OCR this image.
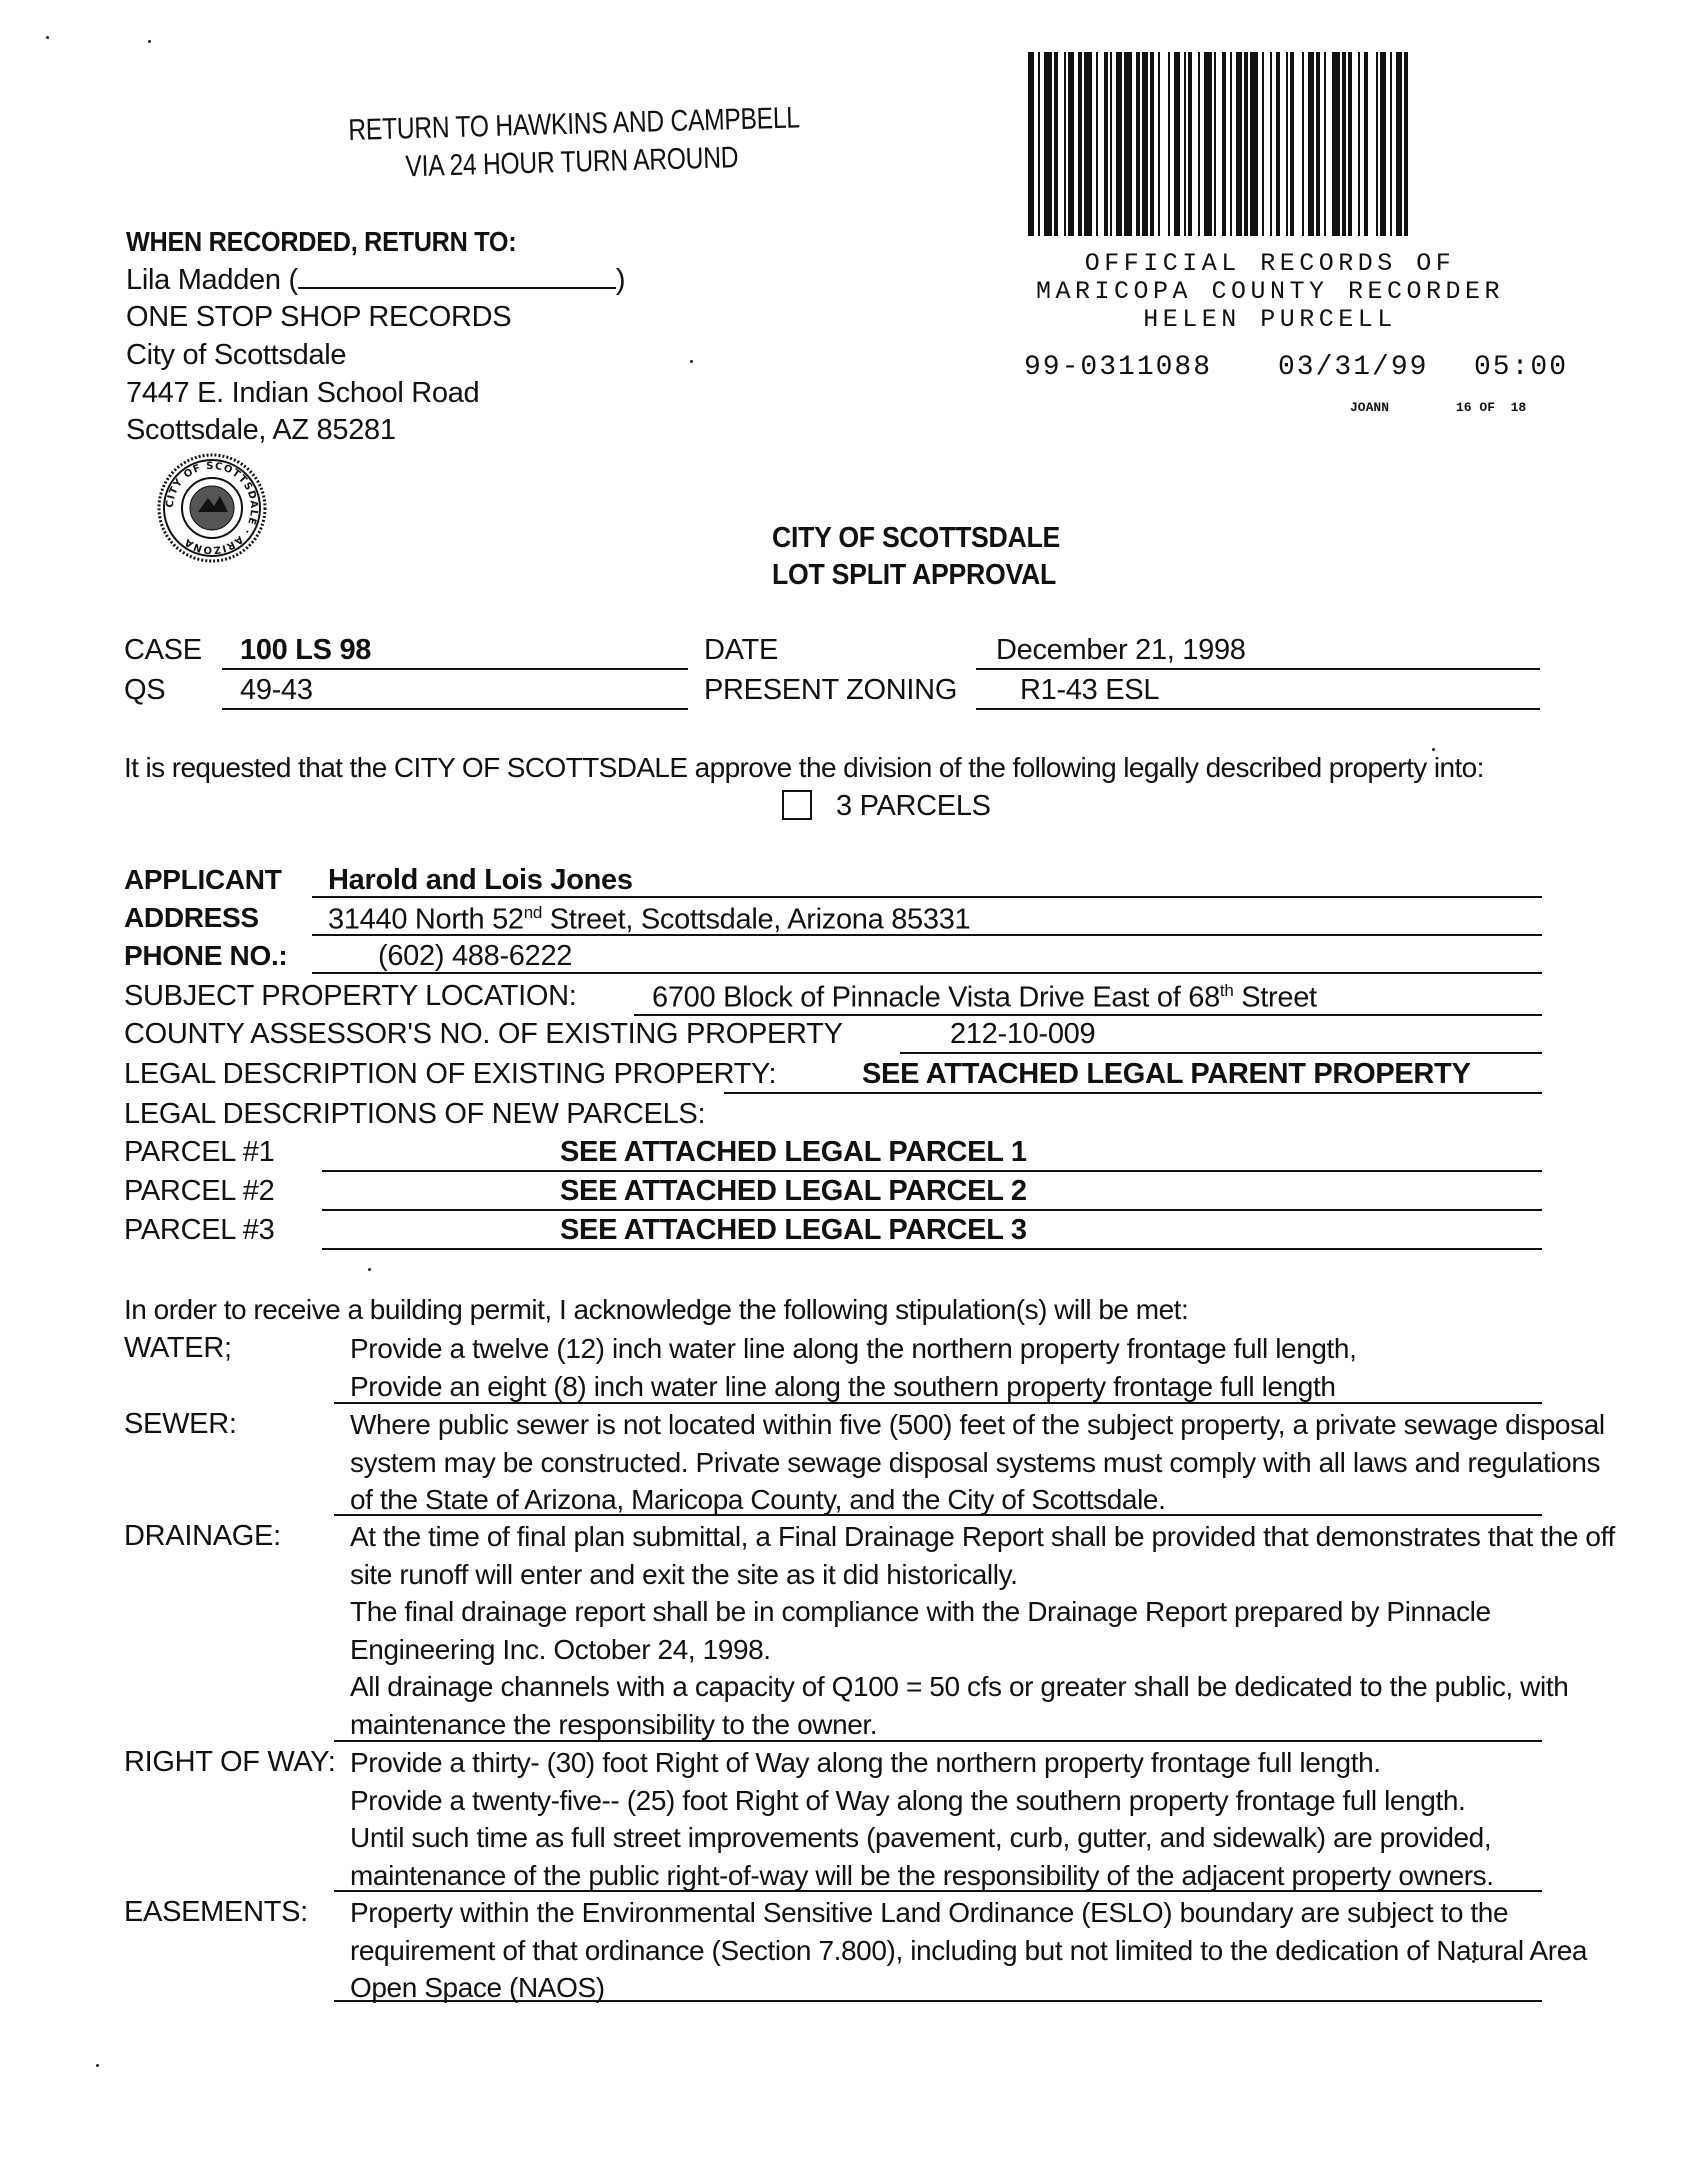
RETURN TO HAWKINS AND CAMPBELL
VIA 24 HOUR TURN AROUND
WHEN RECORDED, RETURN TO:
Lila Madden (	)
ONE STOP SHOP RECORDS
City of Scottsdale
7447 E. Indian School Road
Scottsdale, AZ 85281
CITY OF SCOTTSDALE · ARIZONA
OFFICIAL RECORDS OF
MARICOPA COUNTY RECORDER
HELEN PURCELL
99-0311088 03/31/99 05:00
JOANN	16 OF  18
CITY OF SCOTTSDALE
LOT SPLIT APPROVAL
CASE 100 LS 98
QS	49-43
DATE	December 21, 1998
PRESENT ZONING R1-43 ESL
It is requested that the CITY OF SCOTTSDALE approve the division of the following legally described property into:
3 PARCELS
APPLICANT Harold and Lois Jones
ADDRESS 31440 North 52nd Street, Scottsdale, Arizona 85331
PHONE NO.:	(602) 488-6222
SUBJECT PROPERTY LOCATION:	6700 Block of Pinnacle Vista Drive East of 68th Street
COUNTY ASSESSOR'S NO. OF EXISTING PROPERTY	212-10-009
LEGAL DESCRIPTION OF EXISTING PROPERTY:	SEE ATTACHED LEGAL PARENT PROPERTY
LEGAL DESCRIPTIONS OF NEW PARCELS:
PARCEL #1	SEE ATTACHED LEGAL PARCEL 1
PARCEL #2	SEE ATTACHED LEGAL PARCEL 2
PARCEL #3	SEE ATTACHED LEGAL PARCEL 3
In order to receive a building permit, I acknowledge the following stipulation(s) will be met:
WATER;	Provide a twelve (12) inch water line along the northern property frontage full length,
Provide an eight (8) inch water line along the southern property frontage full length
SEWER:	Where public sewer is not located within five (500) feet of the subject property, a private sewage disposal
system may be constructed. Private sewage disposal systems must comply with all laws and regulations
of the State of Arizona, Maricopa County, and the City of Scottsdale.
DRAINAGE: At the time of final plan submittal, a Final Drainage Report shall be provided that demonstrates that the off
site runoff will enter and exit the site as it did historically.
The final drainage report shall be in compliance with the Drainage Report prepared by Pinnacle
Engineering Inc. October 24, 1998.
All drainage channels with a capacity of Q100 = 50 cfs or greater shall be dedicated to the public, with
maintenance the responsibility to the owner.
RIGHT OF WAY: Provide a thirty- (30) foot Right of Way along the northern property frontage full length.
Provide a twenty-five-- (25) foot Right of Way along the southern property frontage full length.
Until such time as full street improvements (pavement, curb, gutter, and sidewalk) are provided,
maintenance of the public right-of-way will be the responsibility of the adjacent property owners.
EASEMENTS: Property within the Environmental Sensitive Land Ordinance (ESLO) boundary are subject to the
requirement of that ordinance (Section 7.800), including but not limited to the dedication of Natural Area
Open Space (NAOS)
